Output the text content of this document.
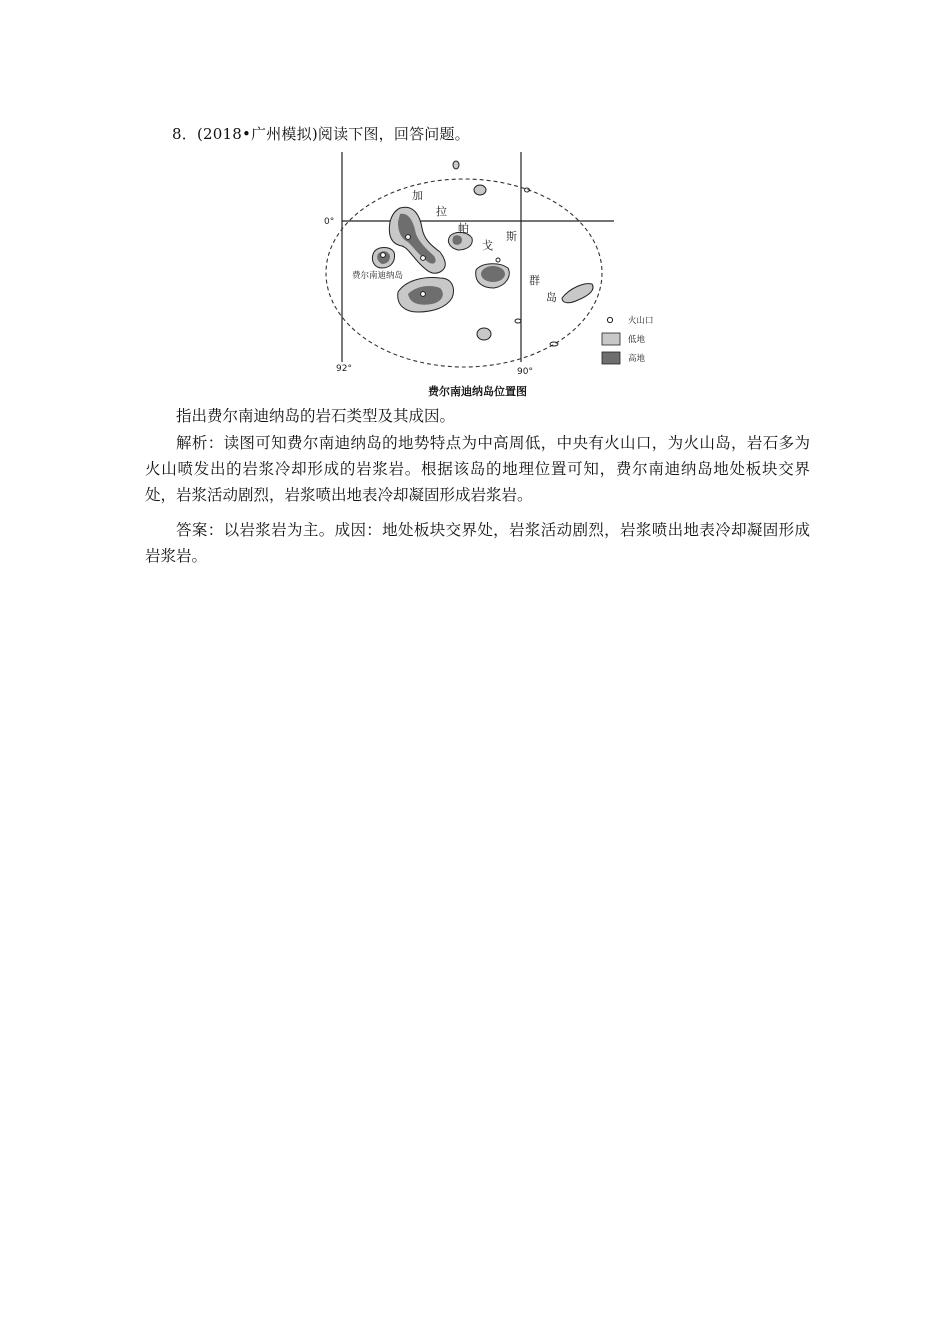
8．(2018•广州模拟)阅读下图，回答问题。
0°
92°	90°
加
拉
帕
戈
斯
群
岛
费尔南迪纳岛
火山口
低地
高地
费尔南迪纳岛位置图
指出费尔南迪纳岛的岩石类型及其成因。
解析：读图可知费尔南迪纳岛的地势特点为中高周低，中央有火山口，为火山岛，岩石多为火山喷发出的岩浆冷却形成的岩浆岩。根据该岛的地理位置可知，费尔南迪纳岛地处板块交界处，岩浆活动剧烈，岩浆喷出地表冷却凝固形成岩浆岩。
答案：以岩浆岩为主。成因：地处板块交界处，岩浆活动剧烈，岩浆喷出地表冷却凝固形成岩浆岩。
